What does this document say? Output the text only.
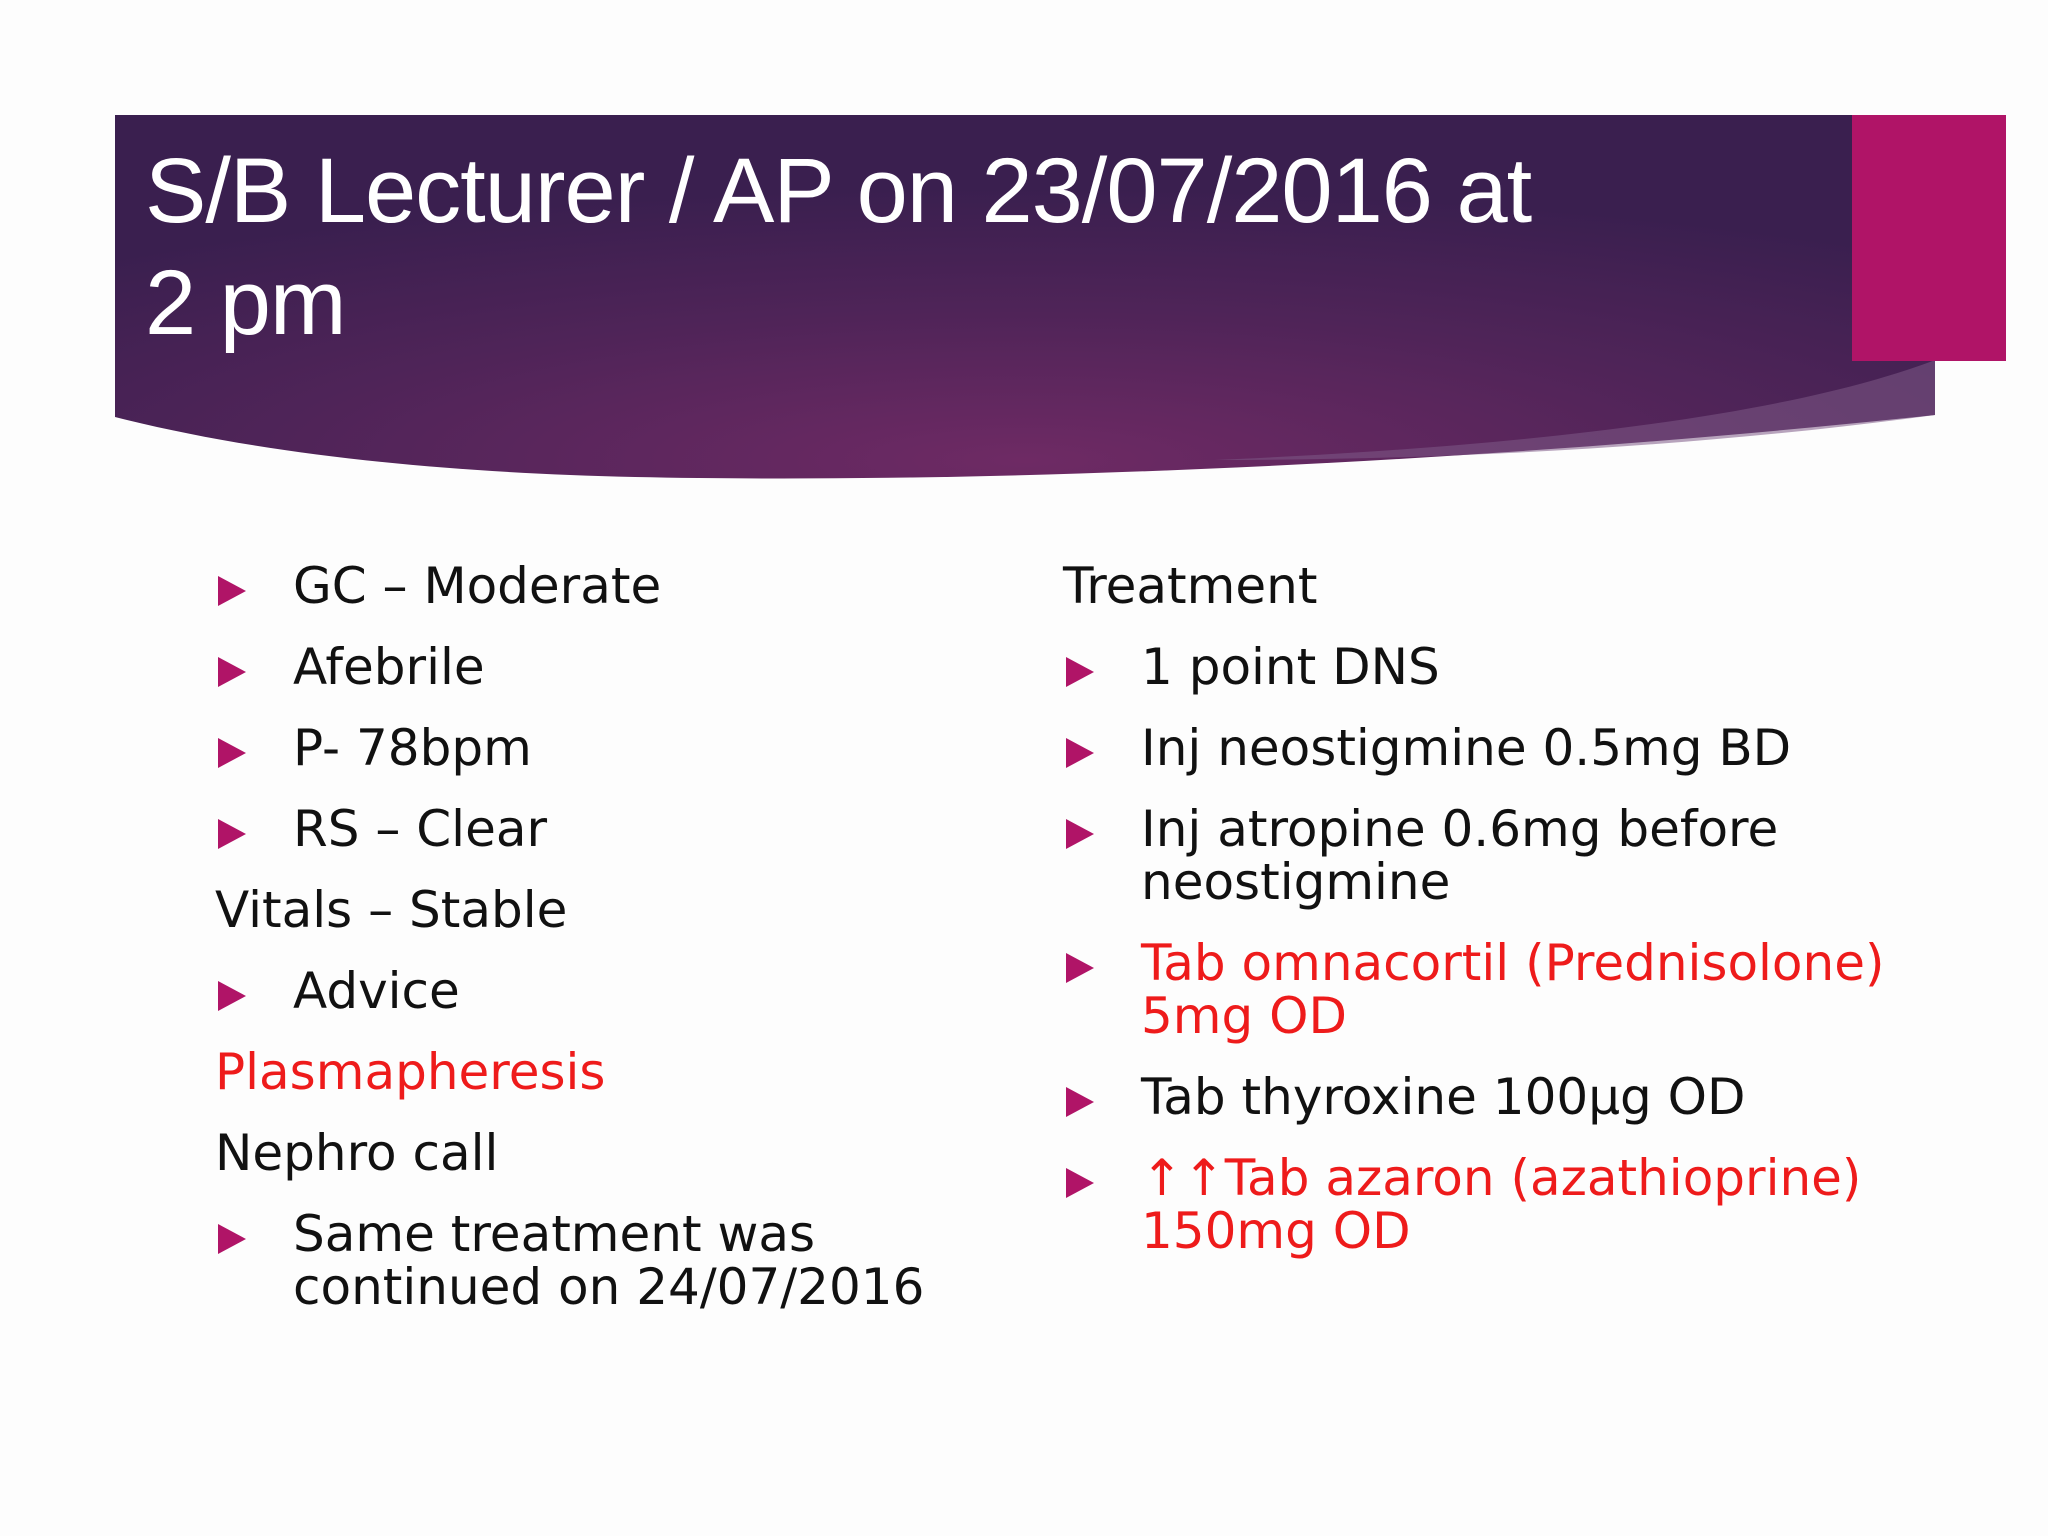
S/B Lecturer / AP on 23/07/2016 at
2 pm
GC – Moderate
Afebrile
P- 78bpm
RS – Clear
Vitals – Stable
Advice
Plasmapheresis
Nephro call
Same treatment was
continued on 24/07/2016
Treatment
1 point DNS
Inj neostigmine 0.5mg BD
Inj atropine 0.6mg before
neostigmine
Tab omnacortil (Prednisolone)
5mg OD
Tab thyroxine 100μg OD
↑↑Tab azaron (azathioprine)
150mg OD
